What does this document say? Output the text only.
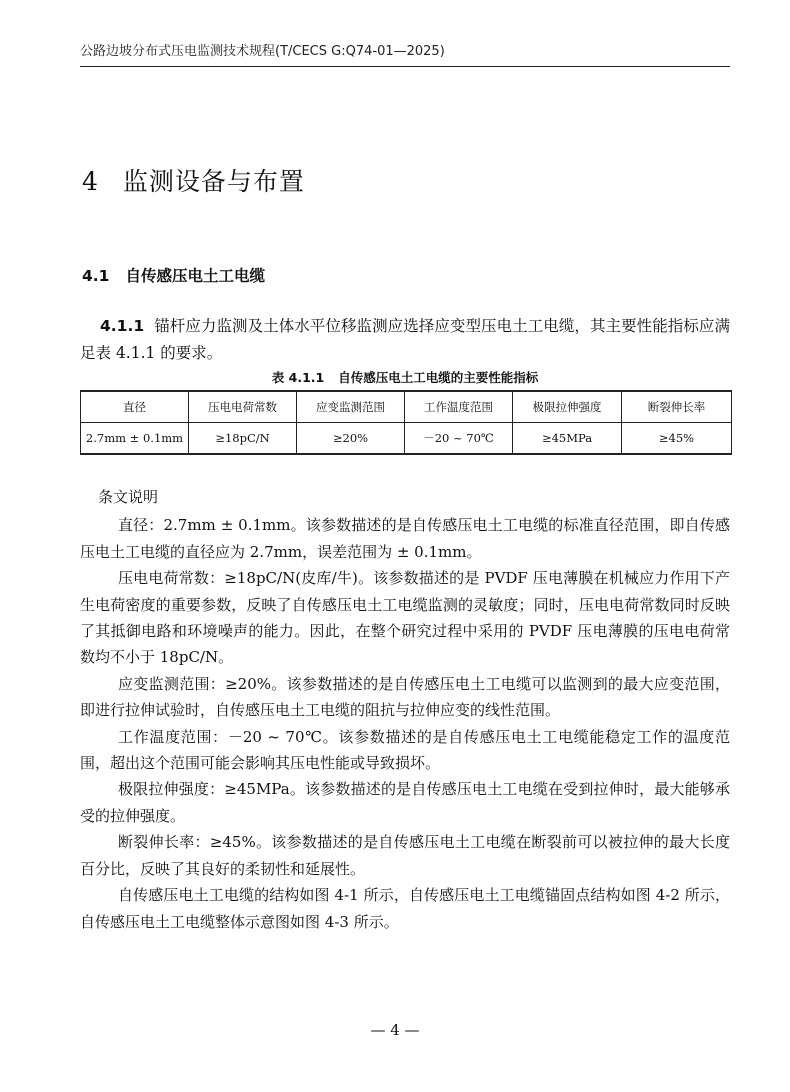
公路边坡分布式压电监测技术规程(T/CECS G:Q74-01—2025)
4 监测设备与布置
4.1 自传感压电土工电缆
4.1.1 锚杆应力监测及土体水平位移监测应选择应变型压电土工电缆，其主要性能指标应满足表 4.1.1 的要求。
表 4.1.1 自传感压电土工电缆的主要性能指标
直径	压电电荷常数	应变监测范围	工作温度范围	极限拉伸强度	断裂伸长率
2.7mm ± 0.1mm	≥18pC/N	≥20%	－20 ~ 70℃	≥45MPa	≥45%

条文说明

直径：2.7mm ± 0.1mm。该参数描述的是自传感压电土工电缆的标准直径范围，即自传感压电土工电缆的直径应为 2.7mm，误差范围为 ± 0.1mm。

压电电荷常数：≥18pC/N(皮库/牛)。该参数描述的是 PVDF 压电薄膜在机械应力作用下产生电荷密度的重要参数，反映了自传感压电土工电缆监测的灵敏度；同时，压电电荷常数同时反映了其抵御电路和环境噪声的能力。因此，在整个研究过程中采用的 PVDF 压电薄膜的压电电荷常数均不小于 18pC/N。

应变监测范围：≥20%。该参数描述的是自传感压电土工电缆可以监测到的最大应变范围，即进行拉伸试验时，自传感压电土工电缆的阻抗与拉伸应变的线性范围。

工作温度范围：－20 ~ 70℃。该参数描述的是自传感压电土工电缆能稳定工作的温度范围，超出这个范围可能会影响其压电性能或导致损坏。

极限拉伸强度：≥45MPa。该参数描述的是自传感压电土工电缆在受到拉伸时，最大能够承受的拉伸强度。

断裂伸长率：≥45%。该参数描述的是自传感压电土工电缆在断裂前可以被拉伸的最大长度百分比，反映了其良好的柔韧性和延展性。

自传感压电土工电缆的结构如图 4-1 所示，自传感压电土工电缆锚固点结构如图 4-2 所示，自传感压电土工电缆整体示意图如图 4-3 所示。

— 4 —
